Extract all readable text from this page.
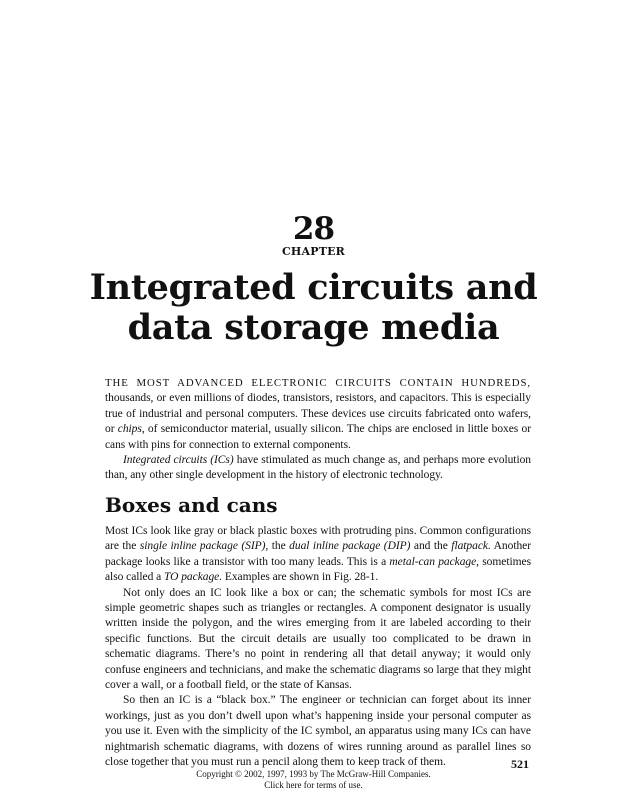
28
CHAPTER
Integrated circuits and
data storage media

THE MOST ADVANCED ELECTRONIC CIRCUITS CONTAIN HUNDREDS, thousands, or even millions of diodes, transistors, resistors, and capacitors. This is especially true of industrial and personal computers. These devices use circuits fabricated onto wafers, or chips, of semiconductor material, usually silicon. The chips are enclosed in little boxes or cans with pins for connection to external components.

Integrated circuits (ICs) have stimulated as much change as, and perhaps more evolution than, any other single development in the history of electronic technology.

Boxes and cans

Most ICs look like gray or black plastic boxes with protruding pins. Common configurations are the single inline package (SIP), the dual inline package (DIP) and the flatpack. Another package looks like a transistor with too many leads. This is a metal-can package, sometimes also called a TO package. Examples are shown in Fig. 28-1.

Not only does an IC look like a box or can; the schematic symbols for most ICs are simple geometric shapes such as triangles or rectangles. A component designator is usually written inside the polygon, and the wires emerging from it are labeled according to their specific functions. But the circuit details are usually too complicated to be drawn in schematic diagrams. There’s no point in rendering all that detail anyway; it would only confuse engineers and technicians, and make the schematic diagrams so large that they might cover a wall, or a football field, or the state of Kansas.

So then an IC is a “black box.” The engineer or technician can forget about its inner workings, just as you don’t dwell upon what’s happening inside your personal computer as you use it. Even with the simplicity of the IC symbol, an apparatus using many ICs can have nightmarish schematic diagrams, with dozens of wires running around as parallel lines so close together that you must run a pencil along them to keep track of them.	521
Copyright © 2002, 1997, 1993 by The McGraw-Hill Companies.
Click here for terms of use.
